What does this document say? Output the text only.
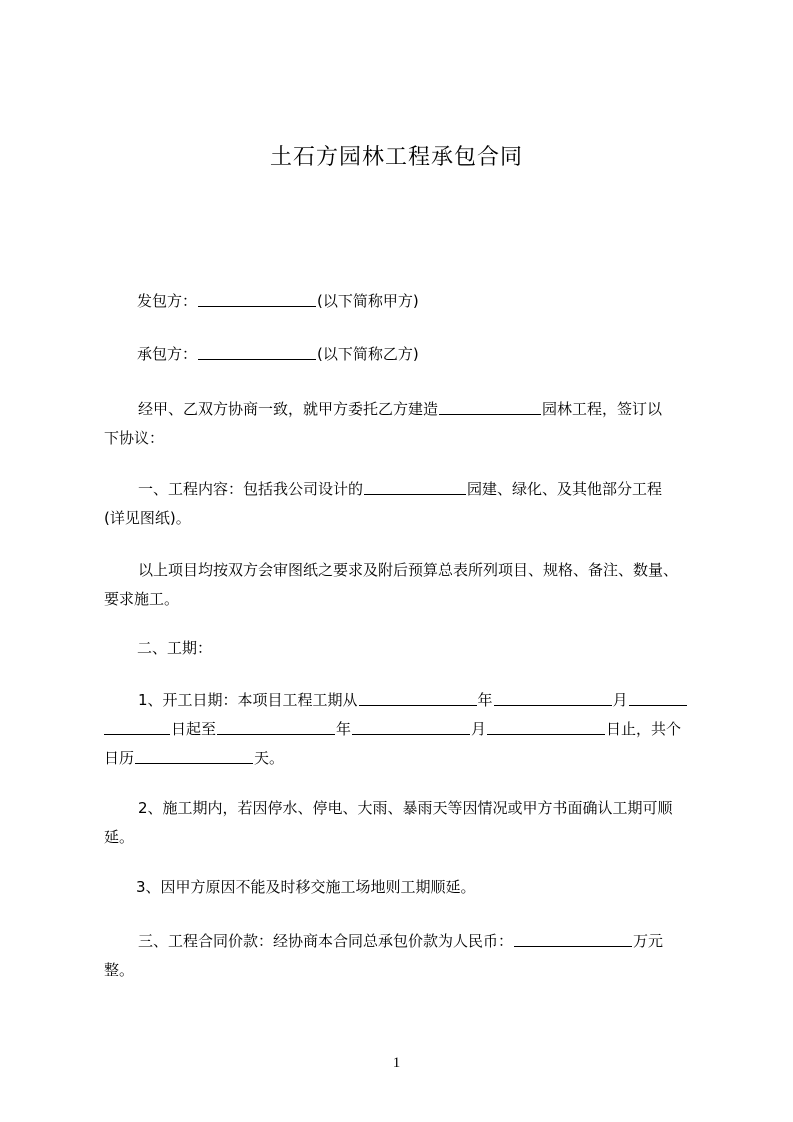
土石方园林工程承包合同

发包方：	(以下简称甲方)

承包方：	(以下简称乙方)

经甲、乙双方协商一致，就甲方委托乙方建造	园林工程，签订以
下协议：
一、工程内容：包括我公司设计的	园建、绿化、及其他部分工程
(详见图纸)。
以上项目均按双方会审图纸之要求及附后预算总表所列项目、规格、备注、数量、
要求施工。

二、工期：

1、开工日期：本项目工程工期从	年	月
日起至	年	月	日止，共个
日历	天。
2、施工期内，若因停水、停电、大雨、暴雨天等因情况或甲方书面确认工期可顺
延。

3、因甲方原因不能及时移交施工场地则工期顺延。

三、工程合同价款：经协商本合同总承包价款为人民币：	万元
整。
1
